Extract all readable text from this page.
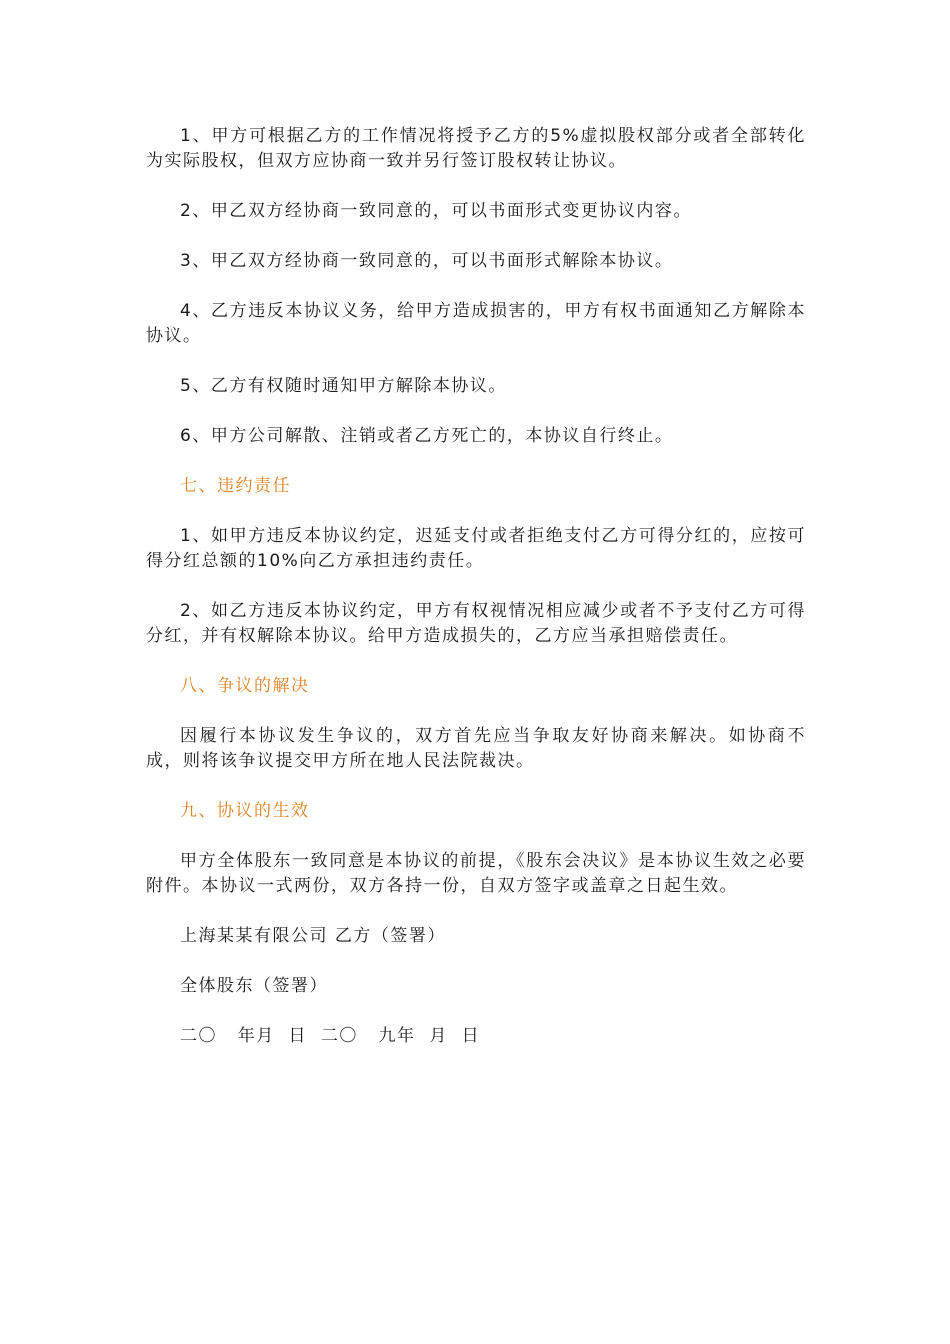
1、甲方可根据乙方的工作情况将授予乙方的5%虚拟股权部分或者全部转化为实际股权，但双方应协商一致并另行签订股权转让协议。

2、甲乙双方经协商一致同意的，可以书面形式变更协议内容。

3、甲乙双方经协商一致同意的，可以书面形式解除本协议。

4、乙方违反本协议义务，给甲方造成损害的，甲方有权书面通知乙方解除本协议。

5、乙方有权随时通知甲方解除本协议。

6、甲方公司解散、注销或者乙方死亡的，本协议自行终止。

七、违约责任

1、如甲方违反本协议约定，迟延支付或者拒绝支付乙方可得分红的，应按可得分红总额的10%向乙方承担违约责任。

2、如乙方违反本协议约定，甲方有权视情况相应减少或者不予支付乙方可得分红，并有权解除本协议。给甲方造成损失的，乙方应当承担赔偿责任。

八、争议的解决

因履行本协议发生争议的，双方首先应当争取友好协商来解决。如协商不成，则将该争议提交甲方所在地人民法院裁决。

九、协议的生效

甲方全体股东一致同意是本协议的前提，《股东会决议》是本协议生效之必要附件。本协议一式两份，双方各持一份，自双方签字或盖章之日起生效。

上海某某有限公司 乙方（签署）

全体股东（签署）

二〇   年月  日  二〇   九年  月  日
